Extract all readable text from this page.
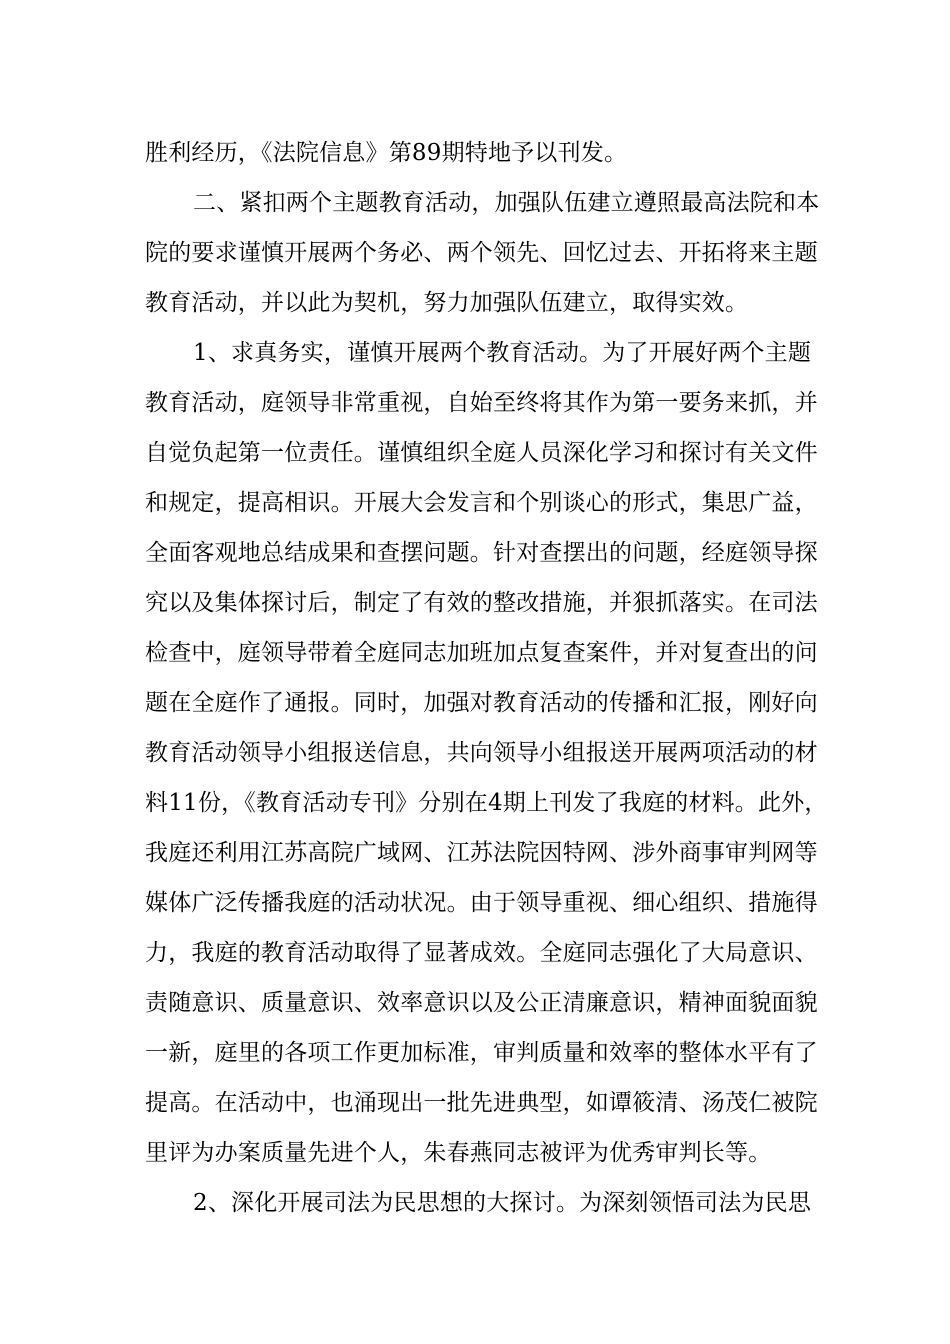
胜利经历，《法院信息》第89期特地予以刊发。
二、紧扣两个主题教育活动，加强队伍建立遵照最高法院和本
院的要求谨慎开展两个务必、两个领先、回忆过去、开拓将来主题
教育活动，并以此为契机，努力加强队伍建立，取得实效。
1、求真务实，谨慎开展两个教育活动。为了开展好两个主题
教育活动，庭领导非常重视，自始至终将其作为第一要务来抓，并
自觉负起第一位责任。谨慎组织全庭人员深化学习和探讨有关文件
和规定，提高相识。开展大会发言和个别谈心的形式，集思广益，
全面客观地总结成果和查摆问题。针对查摆出的问题，经庭领导探
究以及集体探讨后，制定了有效的整改措施，并狠抓落实。在司法
检查中，庭领导带着全庭同志加班加点复查案件，并对复查出的问
题在全庭作了通报。同时，加强对教育活动的传播和汇报，刚好向
教育活动领导小组报送信息，共向领导小组报送开展两项活动的材
料11份，《教育活动专刊》分别在4期上刊发了我庭的材料。此外，
我庭还利用江苏高院广域网、江苏法院因特网、涉外商事审判网等
媒体广泛传播我庭的活动状况。由于领导重视、细心组织、措施得
力，我庭的教育活动取得了显著成效。全庭同志强化了大局意识、
责随意识、质量意识、效率意识以及公正清廉意识，精神面貌面貌
一新，庭里的各项工作更加标准，审判质量和效率的整体水平有了
提高。在活动中，也涌现出一批先进典型，如谭筱清、汤茂仁被院
里评为办案质量先进个人，朱春燕同志被评为优秀审判长等。
2、深化开展司法为民思想的大探讨。为深刻领悟司法为民思
